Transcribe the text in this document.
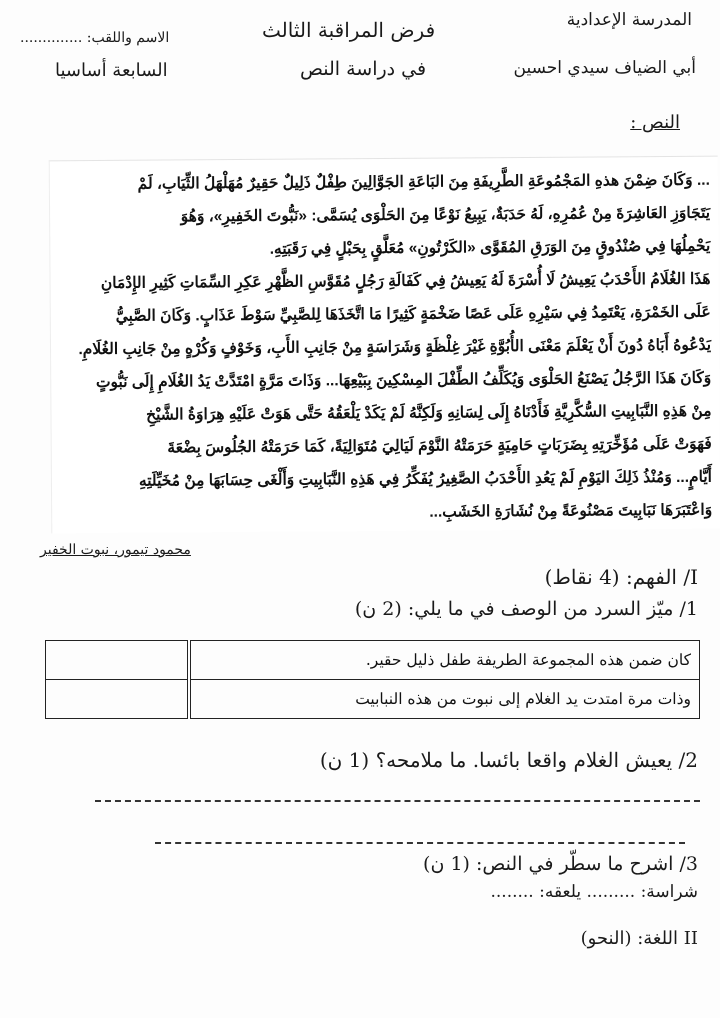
المدرسة الإعدادية
أبي الضياف سيدي احسين
فرض المراقبة الثالث
في دراسة النص
الاسم واللقب: ..............
السابعة أساسيا
النص :
... وَكَانَ ضِمْنَ هذهِ المَجْمُوعَةِ الطَّرِيفَةِ مِنَ البَاعَةِ الجَوَّالِينَ طِفْلٌ ذَلِيلٌ حَقِيرٌ مُهَلْهَلُ الثِّيَابِ، لَمْ
يَتَجَاوَزِ العَاشِرَةَ مِنْ عُمُرِهِ، لَهُ حَدَبَةٌ، يَبِيعُ نَوْعًا مِنَ الحَلْوَى يُسَمَّى: «نَبُّوتَ الخَفِيرِ»، وَهُوَ
يَحْمِلُهَا فِي صُنْدُوقٍ مِنَ الوَرَقِ المُقَوَّى «الكَرْتُونِ» مُعَلَّقٍ بِحَبْلٍ فِي رَقَبَتِهِ.
هَذَا الغُلَامُ الأَحْدَبُ يَعِيشُ لَا أُسْرَةَ لَهُ يَعِيشُ فِي كَفَالَةِ رَجُلٍ مُقَوَّسِ الظَّهْرِ عَكِرِ السِّمَاتِ كَثِيرِ الإِدْمَانِ
عَلَى الخَمْرَةِ، يَعْتَمِدُ فِي سَيْرِهِ عَلَى عَصًا ضَخْمَةٍ كَثِيرًا مَا اتَّخَذَهَا لِلصَّبِيِّ سَوْطَ عَذَابٍ. وَكَانَ الصَّبِيُّ
يَدْعُوهُ أَبَاهُ دُونَ أَنْ يَعْلَمَ مَعْنَى الأُبُوَّةِ غَيْرَ غِلْظَةٍ وَشَرَاسَةٍ مِنْ جَانِبِ الأَبِ، وَخَوْفٍ وَكُرْهٍ مِنْ جَانِبِ الغُلَامِ.
وَكَانَ هَذَا الرَّجُلُ يَصْنَعُ الحَلْوَى وَيُكَلِّفُ الطِّفْلَ المِسْكِينَ بِبَيْعِهَا... وَذَاتَ مَرَّةٍ امْتَدَّتْ يَدُ الغُلَامِ إِلَى نَبُّوتٍ
مِنْ هَذِهِ النَّبَابِيتِ السُّكَّرِيَّةِ فَأَدْنَاهُ إِلَى لِسَانِهِ وَلَكِنَّهُ لَمْ يَكَدْ يَلْعَقُهُ حَتَّى هَوَتْ عَلَيْهِ هِرَاوَةُ الشَّيْخِ
فَهَوَتْ عَلَى مُؤَخِّرَتِهِ بِضَرَبَاتٍ حَامِيَةٍ حَرَمَتْهُ النَّوْمَ لَيَالِيَ مُتَوَالِيَةً، كَمَا حَرَمَتْهُ الجُلُوسَ بِضْعَةَ
أَيَّامٍ... وَمُنْذُ ذَلِكَ اليَوْمِ لَمْ يَعُدِ الأَحْدَبُ الصَّغِيرُ يُفَكِّرُ فِي هَذِهِ النَّبَابِيتِ وَأَلْغَى حِسَابَهَا مِنْ مُخَيِّلَتِهِ
وَاعْتَبَرَهَا نَبَابِيتَ مَصْنُوعَةً مِنْ نُشَارَةِ الخَشَبِ...
محمود تيمور، نبوت الخفير
I/ الفهم: (4 نقاط)
1/ ميّز السرد من الوصف في ما يلي: (2 ن)
كان ضمن هذه المجموعة الطريفة طفل ذليل حقير.	
وذات مرة امتدت يد الغلام إلى نبوت من هذه النبابيت	
2/ يعيش الغلام واقعا بائسا. ما ملامحه؟ (1 ن)
3/ اشرح ما سطّر في النص: (1 ن)
شراسة: ......... يلعقه: ........
II اللغة: (النحو)
